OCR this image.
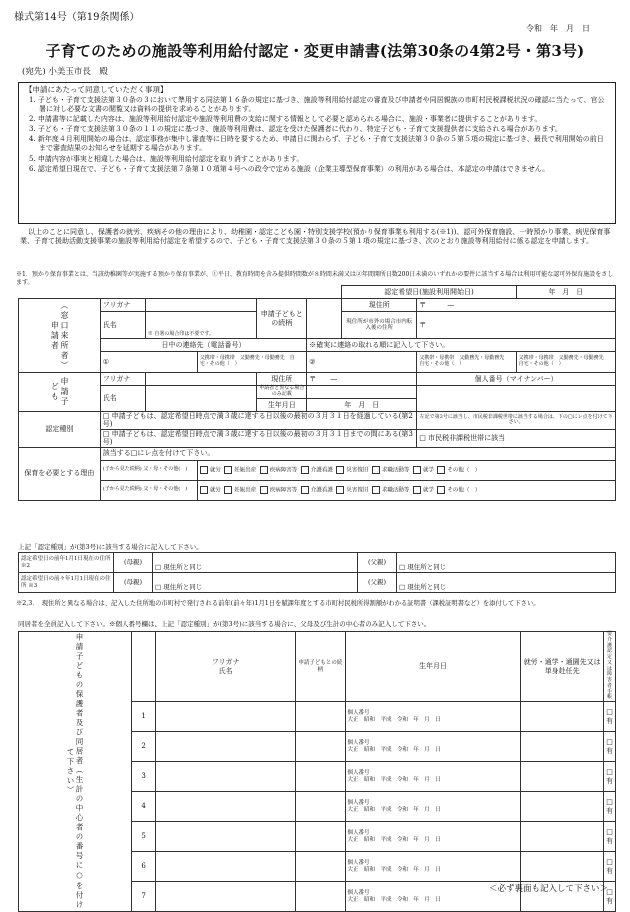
様式第14号（第19条関係）
令和　年　月　日
子育てのための施設等利用給付認定・変更申請書(法第30条の4第2号・第3号)
(宛先) 小美玉市長　殿
【申請にあたって同意していただく事項】
1. 子ども・子育て支援法第３０条の３において準用する同法第１６条の規定に基づき、施設等利用給付認定の審査及び申請者や同居親族の市町村民税課税状況の確認に当たって、官公署に対し必要な文書の閲覧又は資料の提供を求めることがあります。
2. 申請書等に記載した内容は、施設等利用給付認定や施設等利用費の支給に関する情報として必要と認められる場合に、施設・事業者に提供することがあります。
3. 子ども・子育て支援法第３０条の１１の規定に基づき、施設等利用費は、認定を受けた保護者に代わり、特定子ども・子育て支援提供者に支給される場合があります。
4. 新年度４月利用開始の場合は、認定事務が集中し審査等に日時を要するため、申請日に関わらず、子ども・子育て支援法第３０条の５第５項の規定に基づき、最長で利用開始の前日まで審査結果のお知らせを延期する場合があります。
5. 申請内容が事実と相違した場合は、施設等利用給付認定を取り消すことがあります。
6. 認定希望日現在で、子ども・子育て支援法第７条第１０項第４号への政令で定める施設（企業主導型保育事業）の利用がある場合は、本認定の申請はできません。
以上のことに同意し、保護者の就労、疾病その他の理由により、幼稚園・認定こども園・特別支援学校(預かり保育事業も利用する(※1))、認可外保育施設、一時預かり事業、病児保育事業、子育て援助活動支援事業の施設等利用給付認定を希望するので、子ども・子育て支援法第３０条の５第１項の規定に基づき、次のとおり施設等利用給付に係る認定を申請します。
※1．預かり保育事業とは、当該幼稚園等が実施する預かり保育事業が、①平日、教育時間を含み提供時間数が８時間未満又は②年間開所日数200日未満のいずれかの要件に該当する場合は利用可能な認可外保育施設をさします。
						認定希望日(施設利用開始日)		年　月　日
（窓口来所者）申請者	フリガナ			申請子どもとの続柄		現住所	〒　　　—	
	氏名	※ 自署の場合印は不要です。				現住所が市外の場合市内転入後の住所	〒	
	日中の連絡先（電話番号）				※確実に連絡の取れる順に記入して下さい。			
	①		父携帯・母携帯　父勤務先・母勤務先　自宅・その他（　）		②		父携帯・母携帯　父勤務先・母勤務先　自宅・その他（　）	父携帯・母携帯　父勤務先・母勤務先　自宅・その他（　）
申請子ども	フリガナ			現住所	〒　　—		個人番号（マイナンバー）	
	氏名			申請者と異なる場合のみ記載				
				生年月日	年　月　日			
認定種別	□ 申請子どもは、認定希望日時点で満３歳に達する日以後の最初の３月３１日を経過している(第2号)						左記で第3号に該当し、市民税非課税世帯に該当する場合は、下の□にレ点を付けて下さい。	
	□ 申請子どもは、認定希望日時点で満３歳に達する日以後の最初の３月３１日までの間にある(第3号)						□ 市民税非課税世帯に該当	
保育を必要とする理由	該当する□にレ点を付けて下さい。							
	(子から見た続柄) 父・母・その他(　)		就労 妊娠出産 疾病障害等 介護看護 災害復旧 求職活動等 就学 その他（　）					
	(子から見た続柄) 父・母・その他(　)		就労 妊娠出産 疾病障害等 介護看護 災害復旧 求職活動等 就学 その他（　）					
上記「認定種別」が(第3号)に該当する場合に記入して下さい。
認定希望日の前年1月1日現在の住所 ※2	(母親)	□ 現住所と同じ	(父親)	□ 現住所と同じ
認定希望日の前々年1月1日現在の住所 ※3	(母親)	□ 現住所と同じ	(父親)	□ 現住所と同じ
※2,3．　現住所と異なる場合は、記入した住所地の市町村で発行される前年(前々年)1月1日を賦課年度とする市町村民税所得割額がわかる証明書（課税証明書など）を添付して下さい。
同居者を全員記入して下さい。※個人番号欄は、上記「認定種別」が(第3号)に該当する場合に、父母及び生計の中心者のみ記入して下さい。
申請子どもの保護者及び同居者（生計の中心者の番号に○を付けて下さい）		フリガナ
氏名	申請子どもとの続柄	生年月日	就労・通学・通園先又は単身赴任先	要介護認定又は障害者手帳
	1			個人番号
大正　昭和　平成　令和 年　月　日		□有
	2			個人番号
大正　昭和　平成　令和 年　月　日		□有
	3			個人番号
大正　昭和　平成　令和 年　月　日		□有
	4			個人番号
大正　昭和　平成　令和 年　月　日		□有
	5			個人番号
大正　昭和　平成　令和 年　月　日		□有
	6			個人番号
大正　昭和　平成　令和 年　月　日		□有
	7			個人番号
大正　昭和　平成　令和 年　月　日		□有
＜必ず裏面も記入して下さい＞
